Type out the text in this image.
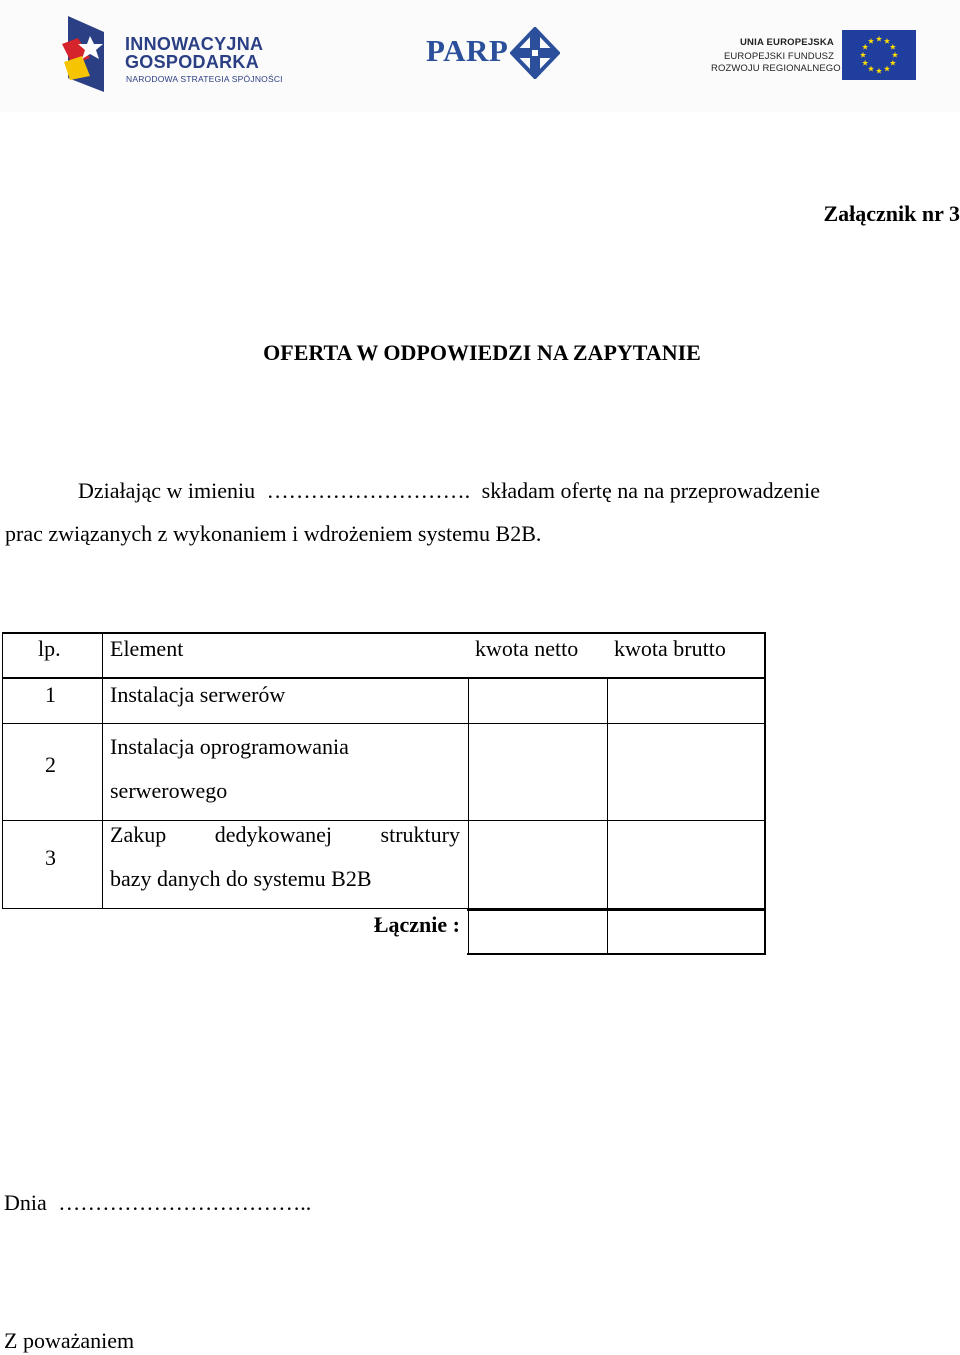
INNOWACYJNA
GOSPODARKA
NARODOWA STRATEGIA SPÓJNOŚCI
PARP	UNIA EUROPEJSKA
EUROPEJSKI FUNDUSZ
ROZWOJU REGIONALNEGO
Załącznik nr 3
OFERTA W ODPOWIEDZI NA ZAPYTANIE
Działając w imieniu ………………………. składam ofertę na na przeprowadzenie
prac związanych z wykonaniem i wdrożeniem systemu B2B.
lp. Element	kwota netto kwota brutto
1 Instalacja serwerów
2
Instalacja oprogramowania
serwerowego
3
Zakup dedykowanej struktury
bazy danych do systemu B2B
Łącznie :
Dnia ……………………………..
Z poważaniem
